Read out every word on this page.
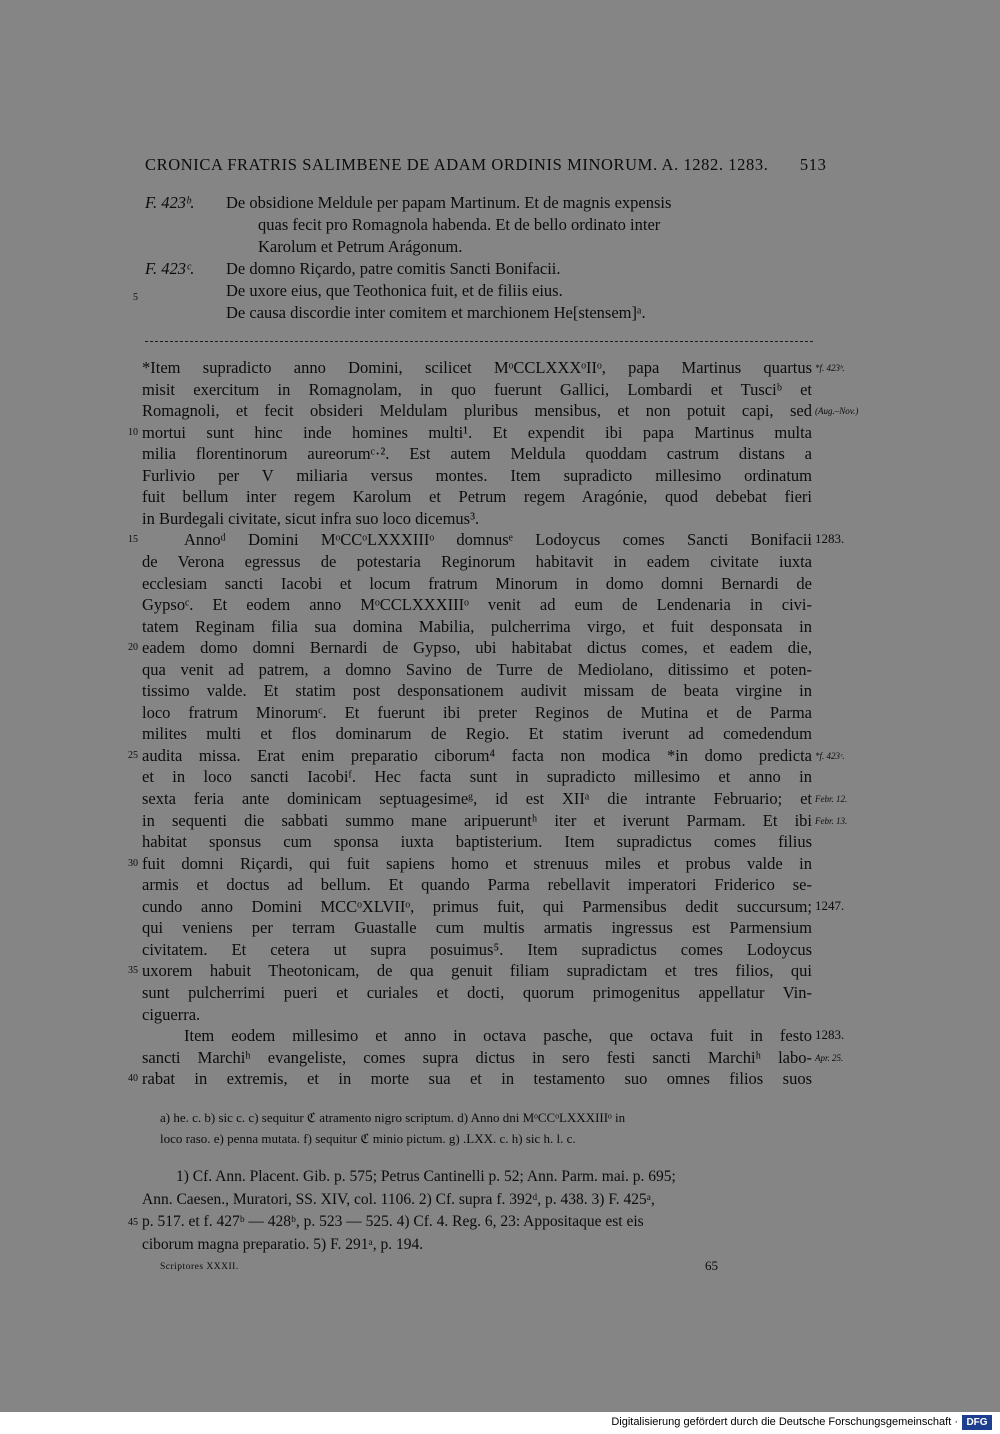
CRONICA FRATRIS SALIMBENE DE ADAM ORDINIS MINORUM. A. 1282. 1283. 513
F. 423ᵇ. De obsidione Meldule per papam Martinum. Et de magnis expensis
quas fecit pro Romagnola habenda. Et de bello ordinato inter
Karolum et Petrum Arágonum.
F. 423ᶜ. De domno Riçardo, patre comitis Sancti Bonifacii.
De uxore eius, que Teothonica fuit, et de filiis eius.
De causa discordie inter comitem et marchionem He[stensem]ᵃ.
5
*Item supradicto anno Domini, scilicet MᵒCCLXXXᵒIIᵒ, papa Martinus quartus *f. 423ᵇ.
misit exercitum in Romagnolam, in quo fuerunt Gallici, Lombardi et Tusciᵇ et
Romagnoli, et fecit obsideri Meldulam pluribus mensibus, et non potuit capi, sed (Aug.–Nov.)
mortui sunt hinc inde homines multi¹. Et expendit ibi papa Martinus multa
10
milia florentinorum aureorumᶜ·². Est autem Meldula quoddam castrum distans a
Furlivio per V miliaria versus montes. Item supradicto millesimo ordinatum
fuit bellum inter regem Karolum et Petrum regem Aragónie, quod debebat fieri
in Burdegali civitate, sicut infra suo loco dicemus³.
Annoᵈ Domini MᵒCCᵒLXXXIIIᵒ domnusᵉ Lodoycus comes Sancti Bonifacii
15	1283.
de Verona egressus de potestaria Reginorum habitavit in eadem civitate iuxta
ecclesiam sancti Iacobi et locum fratrum Minorum in domo domni Bernardi de
Gypsoᶜ. Et eodem anno MᵒCCLXXXIIIᵒ venit ad eum de Lendenaria in civi-
tatem Reginam filia sua domina Mabilia, pulcherrima virgo, et fuit desponsata in
eadem domo domni Bernardi de Gypso, ubi habitabat dictus comes, et eadem die,
20
qua venit ad patrem, a domno Savino de Turre de Mediolano, ditissimo et poten-
tissimo valde. Et statim post desponsationem audivit missam de beata virgine in
loco fratrum Minorumᶜ. Et fuerunt ibi preter Reginos de Mutina et de Parma
milites multi et flos dominarum de Regio. Et statim iverunt ad comedendum
audita missa. Erat enim preparatio ciborum⁴ facta non modica *in domo predicta
25	*f. 423ᶜ.
et in loco sancti Iacobiᶠ. Hec facta sunt in supradicto millesimo et anno in
sexta feria ante dominicam septuagesimeᵍ, id est XIIᵃ die intrante Februario; et Febr. 12.
in sequenti die sabbati summo mane aripueruntʰ iter et iverunt Parmam. Et ibi Febr. 13.
habitat sponsus cum sponsa iuxta baptisterium. Item supradictus comes filius
fuit domni Riçardi, qui fuit sapiens homo et strenuus miles et probus valde in
30
armis et doctus ad bellum. Et quando Parma rebellavit imperatori Friderico se-
cundo anno Domini MCCᵒXLVIIᵒ, primus fuit, qui Parmensibus dedit succursum; 1247.
qui veniens per terram Guastalle cum multis armatis ingressus est Parmensium
civitatem. Et cetera ut supra posuimus⁵. Item supradictus comes Lodoycus
uxorem habuit Theotonicam, de qua genuit filiam supradictam et tres filios, qui
35
sunt pulcherrimi pueri et curiales et docti, quorum primogenitus appellatur Vin-
ciguerra.
Item eodem millesimo et anno in octava pasche, que octava fuit in festo 1283.
sancti Marchiʰ evangeliste, comes supra dictus in sero festi sancti Marchiʰ labo- Apr. 25.
rabat in extremis, et in morte sua et in testamento suo omnes filios suos
40
a) he. c. b) sic c. c) sequitur ℭ atramento nigro scriptum. d) Anno dni MᵒCCᵒLXXXIIIᵒ in
loco raso. e) penna mutata. f) sequitur ℭ minio pictum. g) .LXX. c. h) sic h. l. c.
1) Cf. Ann. Placent. Gib. p. 575; Petrus Cantinelli p. 52; Ann. Parm. mai. p. 695;
Ann. Caesen., Muratori, SS. XIV, col. 1106. 2) Cf. supra f. 392ᵈ, p. 438. 3) F. 425ᵃ,
p. 517. et f. 427ᵇ — 428ᵇ, p. 523 — 525. 4) Cf. 4. Reg. 6, 23: Appositaque est eis
45
ciborum magna preparatio. 5) F. 291ᵃ, p. 194.
Scriptores XXXII.	65
Digitalisierung gefördert durch die Deutsche Forschungsgemeinschaft · DFG
